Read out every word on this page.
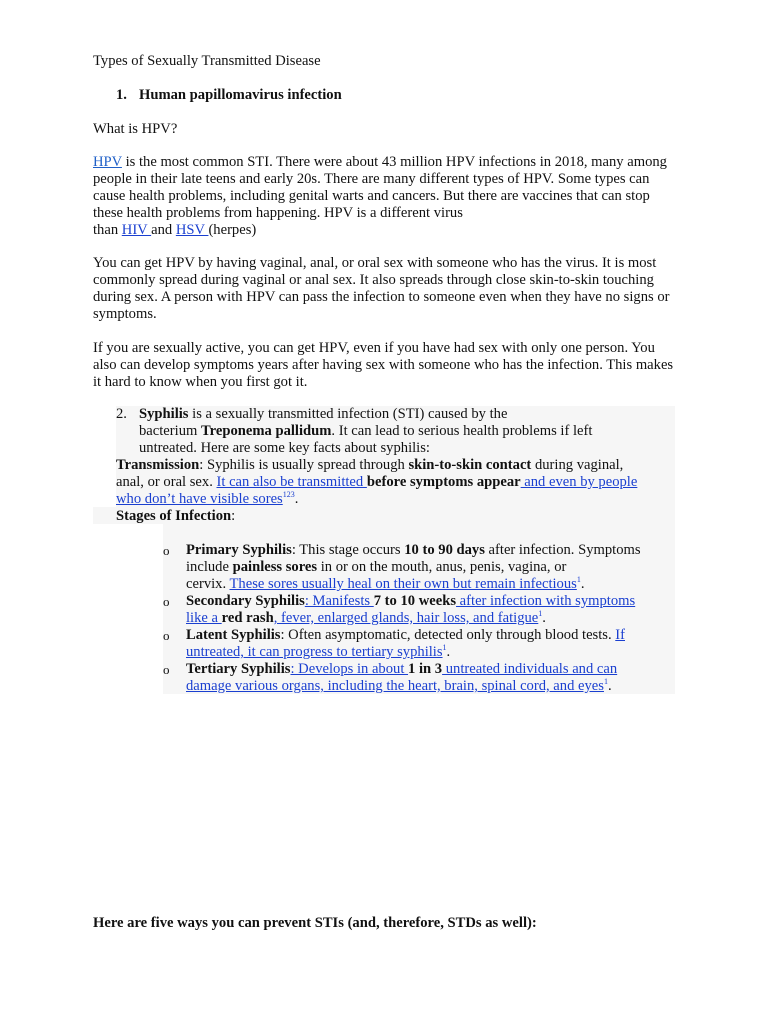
Types of Sexually Transmitted Disease

1. Human papillomavirus infection

What is HPV?

HPV is the most common STI. There were about 43 million HPV infections in 2018, many among people in their late teens and early 20s. There are many different types of HPV. Some types can cause health problems, including genital warts and cancers. But there are vaccines that can stop these health problems from happening. HPV is a different virus
than HIV and HSV (herpes)

You can get HPV by having vaginal, anal, or oral sex with someone who has the virus. It is most commonly spread during vaginal or anal sex. It also spreads through close skin-to-skin touching during sex. A person with HPV can pass the infection to someone even when they have no signs or symptoms.

If you are sexually active, you can get HPV, even if you have had sex with only one person. You also can develop symptoms years after having sex with someone who has the infection. This makes it hard to know when you first got it.

2. Syphilis is a sexually transmitted infection (STI) caused by the
bacterium Treponema pallidum. It can lead to serious health problems if left
untreated. Here are some key facts about syphilis:
Transmission: Syphilis is usually spread through skin-to-skin contact during vaginal,
anal, or oral sex. It can also be transmitted before symptoms appear and even by people
who don’t have visible sores$^{123}$.
Stages of Infection:
o Primary Syphilis: This stage occurs 10 to 90 days after infection. Symptoms
include painless sores in or on the mouth, anus, penis, vagina, or
cervix. These sores usually heal on their own but remain infectious$^1$.
o Secondary Syphilis: Manifests 7 to 10 weeks after infection with symptoms
like a red rash, fever, enlarged glands, hair loss, and fatigue$^1$.
o Latent Syphilis: Often asymptomatic, detected only through blood tests. If
untreated, it can progress to tertiary syphilis$^1$.
o Tertiary Syphilis: Develops in about 1 in 3 untreated individuals and can
damage various organs, including the heart, brain, spinal cord, and eyes$^1$.

Here are five ways you can prevent STIs (and, therefore, STDs as well):
